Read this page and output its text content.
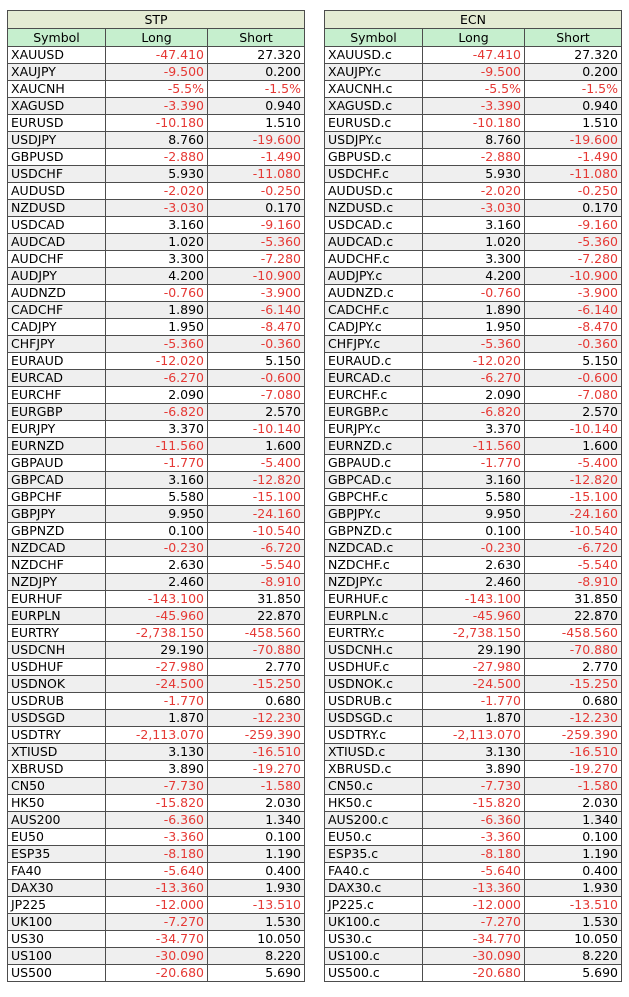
STP		
Symbol	Long	Short
XAUUSD	-47.410	27.320
XAUJPY	-9.500	0.200
XAUCNH	-5.5%	-1.5%
XAGUSD	-3.390	0.940
EURUSD	-10.180	1.510
USDJPY	8.760	-19.600
GBPUSD	-2.880	-1.490
USDCHF	5.930	-11.080
AUDUSD	-2.020	-0.250
NZDUSD	-3.030	0.170
USDCAD	3.160	-9.160
AUDCAD	1.020	-5.360
AUDCHF	3.300	-7.280
AUDJPY	4.200	-10.900
AUDNZD	-0.760	-3.900
CADCHF	1.890	-6.140
CADJPY	1.950	-8.470
CHFJPY	-5.360	-0.360
EURAUD	-12.020	5.150
EURCAD	-6.270	-0.600
EURCHF	2.090	-7.080
EURGBP	-6.820	2.570
EURJPY	3.370	-10.140
EURNZD	-11.560	1.600
GBPAUD	-1.770	-5.400
GBPCAD	3.160	-12.820
GBPCHF	5.580	-15.100
GBPJPY	9.950	-24.160
GBPNZD	0.100	-10.540
NZDCAD	-0.230	-6.720
NZDCHF	2.630	-5.540
NZDJPY	2.460	-8.910
EURHUF	-143.100	31.850
EURPLN	-45.960	22.870
EURTRY	-2,738.150	-458.560
USDCNH	29.190	-70.880
USDHUF	-27.980	2.770
USDNOK	-24.500	-15.250
USDRUB	-1.770	0.680
USDSGD	1.870	-12.230
USDTRY	-2,113.070	-259.390
XTIUSD	3.130	-16.510
XBRUSD	3.890	-19.270
CN50	-7.730	-1.580
HK50	-15.820	2.030
AUS200	-6.360	1.340
EU50	-3.360	0.100
ESP35	-8.180	1.190
FA40	-5.640	0.400
DAX30	-13.360	1.930
JP225	-12.000	-13.510
UK100	-7.270	1.530
US30	-34.770	10.050
US100	-30.090	8.220
US500	-20.680	5.690
ECN		
Symbol	Long	Short
XAUUSD.c	-47.410	27.320
XAUJPY.c	-9.500	0.200
XAUCNH.c	-5.5%	-1.5%
XAGUSD.c	-3.390	0.940
EURUSD.c	-10.180	1.510
USDJPY.c	8.760	-19.600
GBPUSD.c	-2.880	-1.490
USDCHF.c	5.930	-11.080
AUDUSD.c	-2.020	-0.250
NZDUSD.c	-3.030	0.170
USDCAD.c	3.160	-9.160
AUDCAD.c	1.020	-5.360
AUDCHF.c	3.300	-7.280
AUDJPY.c	4.200	-10.900
AUDNZD.c	-0.760	-3.900
CADCHF.c	1.890	-6.140
CADJPY.c	1.950	-8.470
CHFJPY.c	-5.360	-0.360
EURAUD.c	-12.020	5.150
EURCAD.c	-6.270	-0.600
EURCHF.c	2.090	-7.080
EURGBP.c	-6.820	2.570
EURJPY.c	3.370	-10.140
EURNZD.c	-11.560	1.600
GBPAUD.c	-1.770	-5.400
GBPCAD.c	3.160	-12.820
GBPCHF.c	5.580	-15.100
GBPJPY.c	9.950	-24.160
GBPNZD.c	0.100	-10.540
NZDCAD.c	-0.230	-6.720
NZDCHF.c	2.630	-5.540
NZDJPY.c	2.460	-8.910
EURHUF.c	-143.100	31.850
EURPLN.c	-45.960	22.870
EURTRY.c	-2,738.150	-458.560
USDCNH.c	29.190	-70.880
USDHUF.c	-27.980	2.770
USDNOK.c	-24.500	-15.250
USDRUB.c	-1.770	0.680
USDSGD.c	1.870	-12.230
USDTRY.c	-2,113.070	-259.390
XTIUSD.c	3.130	-16.510
XBRUSD.c	3.890	-19.270
CN50.c	-7.730	-1.580
HK50.c	-15.820	2.030
AUS200.c	-6.360	1.340
EU50.c	-3.360	0.100
ESP35.c	-8.180	1.190
FA40.c	-5.640	0.400
DAX30.c	-13.360	1.930
JP225.c	-12.000	-13.510
UK100.c	-7.270	1.530
US30.c	-34.770	10.050
US100.c	-30.090	8.220
US500.c	-20.680	5.690
